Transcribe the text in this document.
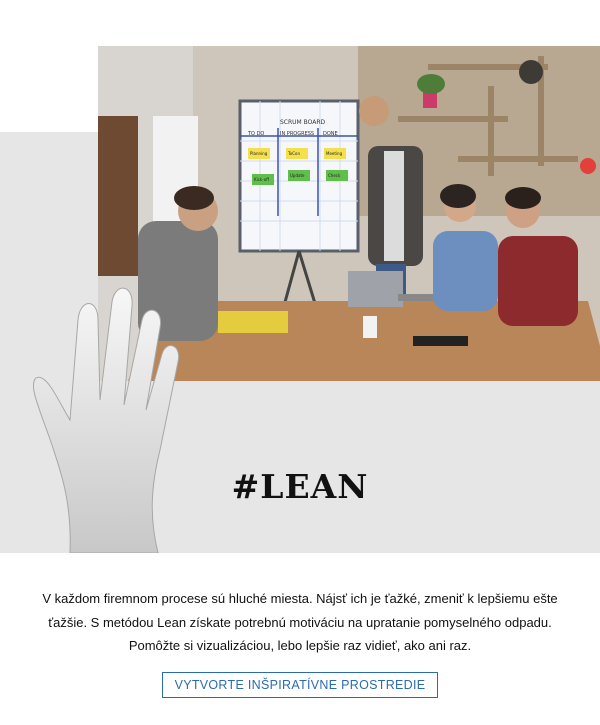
SCRUM BOARD
TO DO	IN PROGRESS DONE
Planning	ToCon	Meeting
Kick-off
Update	Check
#LEAN
V každom firemnom procese sú hluché miesta. Nájsť ich je ťažké, zmeniť k lepšiemu ešte
ťažšie. S metódou Lean získate potrebnú motiváciu na upratanie pomyselného odpadu.
Pomôžte si vizualizáciou, lebo lepšie raz vidieť, ako ani raz.
VYTVORTE INŠPIRATÍVNE PROSTREDIE
